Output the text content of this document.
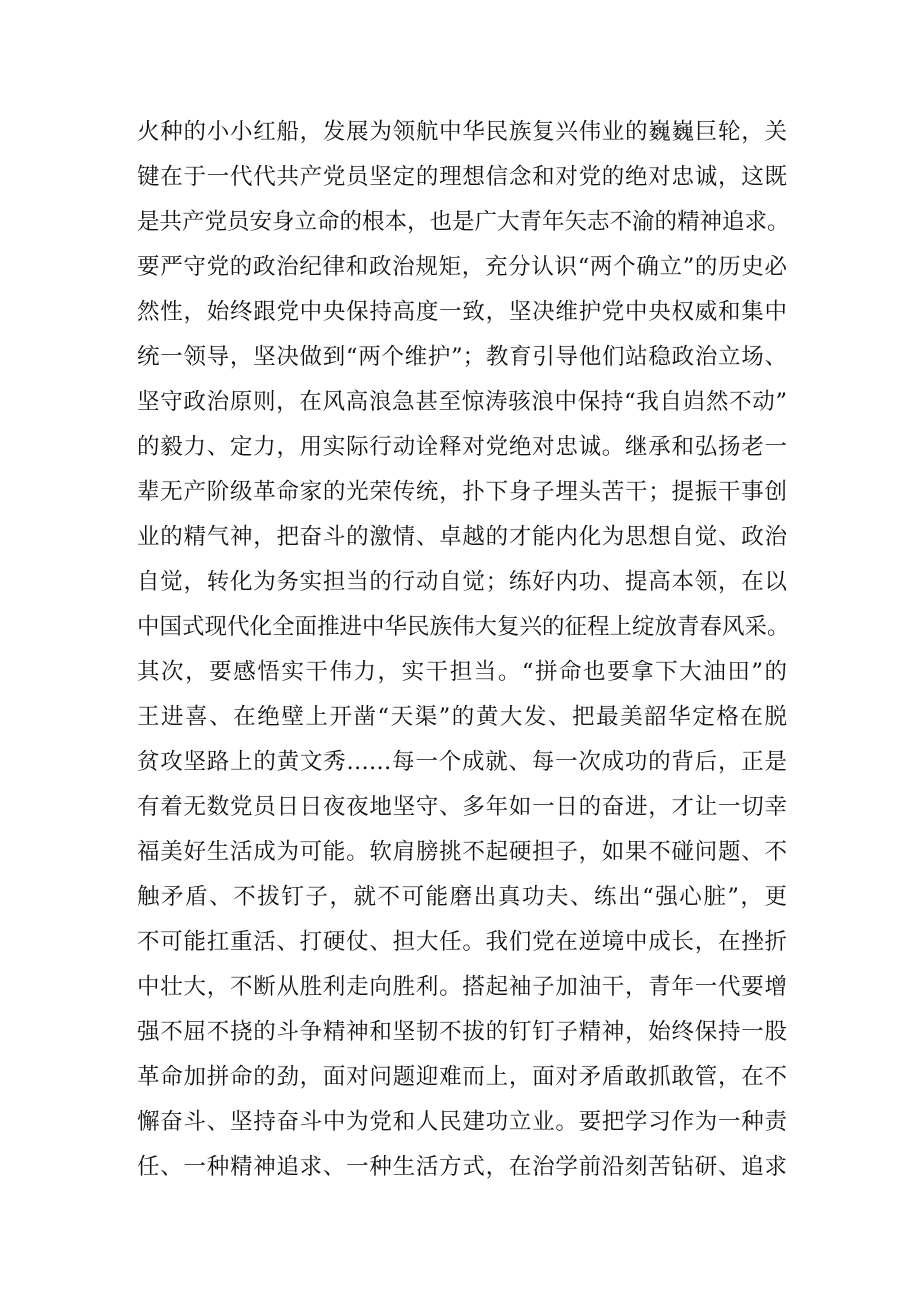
火种的小小红船，发展为领航中华民族复兴伟业的巍巍巨轮，关
键在于一代代共产党员坚定的理想信念和对党的绝对忠诚，这既
是共产党员安身立命的根本，也是广大青年矢志不渝的精神追求。
要严守党的政治纪律和政治规矩，充分认识“两个确立”的历史必
然性，始终跟党中央保持高度一致，坚决维护党中央权威和集中
统一领导，坚决做到“两个维护”；教育引导他们站稳政治立场、
坚守政治原则，在风高浪急甚至惊涛骇浪中保持“我自岿然不动”
的毅力、定力，用实际行动诠释对党绝对忠诚。继承和弘扬老一
辈无产阶级革命家的光荣传统，扑下身子埋头苦干；提振干事创
业的精气神，把奋斗的激情、卓越的才能内化为思想自觉、政治
自觉，转化为务实担当的行动自觉；练好内功、提高本领，在以
中国式现代化全面推进中华民族伟大复兴的征程上绽放青春风采。
其次，要感悟实干伟力，实干担当。“拼命也要拿下大油田”的
王进喜、在绝壁上开凿“天渠”的黄大发、把最美韶华定格在脱
贫攻坚路上的黄文秀……每一个成就、每一次成功的背后，正是
有着无数党员日日夜夜地坚守、多年如一日的奋进，才让一切幸
福美好生活成为可能。软肩膀挑不起硬担子，如果不碰问题、不
触矛盾、不拔钉子，就不可能磨出真功夫、练出“强心脏”，更
不可能扛重活、打硬仗、担大任。我们党在逆境中成长，在挫折
中壮大，不断从胜利走向胜利。搭起袖子加油干，青年一代要增
强不屈不挠的斗争精神和坚韧不拔的钉钉子精神，始终保持一股
革命加拼命的劲，面对问题迎难而上，面对矛盾敢抓敢管，在不
懈奋斗、坚持奋斗中为党和人民建功立业。要把学习作为一种责
任、一种精神追求、一种生活方式，在治学前沿刻苦钻研、追求
